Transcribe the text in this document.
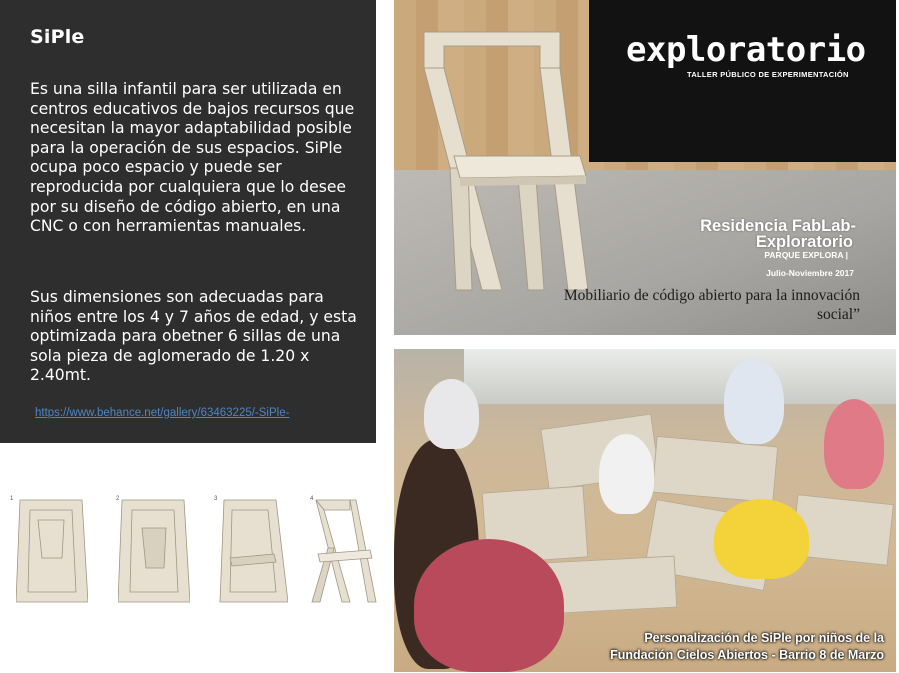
SiPle

Es una silla infantil para ser utilizada en centros educativos de bajos recursos que necesitan la mayor adaptabilidad posible para la operación de sus espacios. SiPle ocupa poco espacio y puede ser reproducida por cualquiera que lo desee por su diseño de código abierto, en una CNC o con herramientas manuales.

Sus dimensiones son adecuadas para niños entre los 4 y 7 años de edad, y esta optimizada para obetner 6 sillas de una sola pieza de aglomerado de 1.20 x 2.40mt.

https://www.behance.net/gallery/63463225/-SiPle-
exploratorio
TALLER PÚBLICO DE EXPERIMENTACIÓN
Residencia FabLab-
Exploratorio
PARQUE EXPLORA |
Julio-Noviembre 2017
Mobiliario de código abierto para la innovación social”
Personalización de SiPle por niños de la
Fundación Cielos Abiertos - Barrio 8 de Marzo
1	2	3	4
